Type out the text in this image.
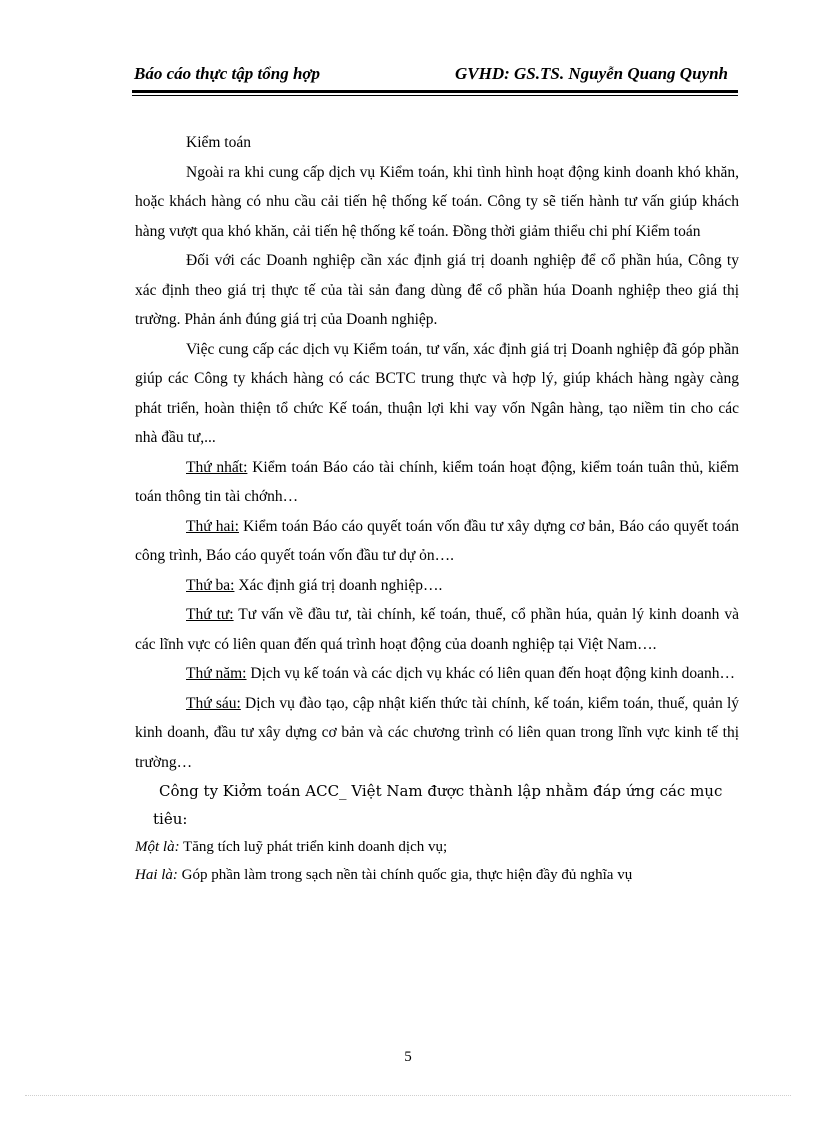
Báo cáo thực tập tổng hợp	GVHD: GS.TS. Nguyễn Quang Quynh

Kiểm toán

Ngoài ra khi cung cấp dịch vụ Kiểm toán, khi tình hình hoạt động kinh doanh khó khăn, hoặc khách hàng có nhu cầu cải tiến hệ thống kế toán. Công ty sẽ tiến hành tư vấn giúp khách hàng vượt qua khó khăn, cải tiến hệ thống kế toán. Đồng thời giảm thiểu chi phí Kiểm toán

Đối với các Doanh nghiệp cần xác định giá trị doanh nghiệp để cổ phần húa, Công ty xác định theo giá trị thực tế của tài sản đang dùng để cổ phần húa Doanh nghiệp theo giá thị trường. Phản ánh đúng giá trị của Doanh nghiệp.

Việc cung cấp các dịch vụ Kiểm toán, tư vấn, xác định giá trị Doanh nghiệp đã góp phần giúp các Công ty khách hàng có các BCTC trung thực và hợp lý, giúp khách hàng ngày càng phát triển, hoàn thiện tổ chức Kế toán, thuận lợi khi vay vốn Ngân hàng, tạo niềm tin cho các nhà đầu tư,...

Thứ nhất: Kiểm toán Báo cáo tài chính, kiểm toán hoạt động, kiểm toán tuân thủ, kiểm toán thông tin tài chớnh…

Thứ hai: Kiểm toán Báo cáo quyết toán vốn đầu tư xây dựng cơ bản, Báo cáo quyết toán công trình, Báo cáo quyết toán vốn đầu tư dự ỏn….

Thứ ba: Xác định giá trị doanh nghiệp….

Thứ tư: Tư vấn về đầu tư, tài chính, kế toán, thuế, cổ phần húa, quản lý kinh doanh và các lĩnh vực có liên quan đến quá trình hoạt động của doanh nghiệp tại Việt Nam….

Thứ năm: Dịch vụ kế toán và các dịch vụ khác có liên quan đến hoạt động kinh doanh…

Thứ sáu: Dịch vụ đào tạo, cập nhật kiến thức tài chính, kế toán, kiểm toán, thuế, quản lý kinh doanh, đầu tư xây dựng cơ bản và các chương trình có liên quan trong lĩnh vực kinh tế thị trường…

Công ty Kiởm toán ACC_ Việt Nam được thành lập nhằm đáp ứng các mục

tiêu:

Một là: Tăng tích luỹ phát triển kinh doanh dịch vụ;

Hai là: Góp phần làm trong sạch nền tài chính quốc gia, thực hiện đầy đủ nghĩa vụ

5
